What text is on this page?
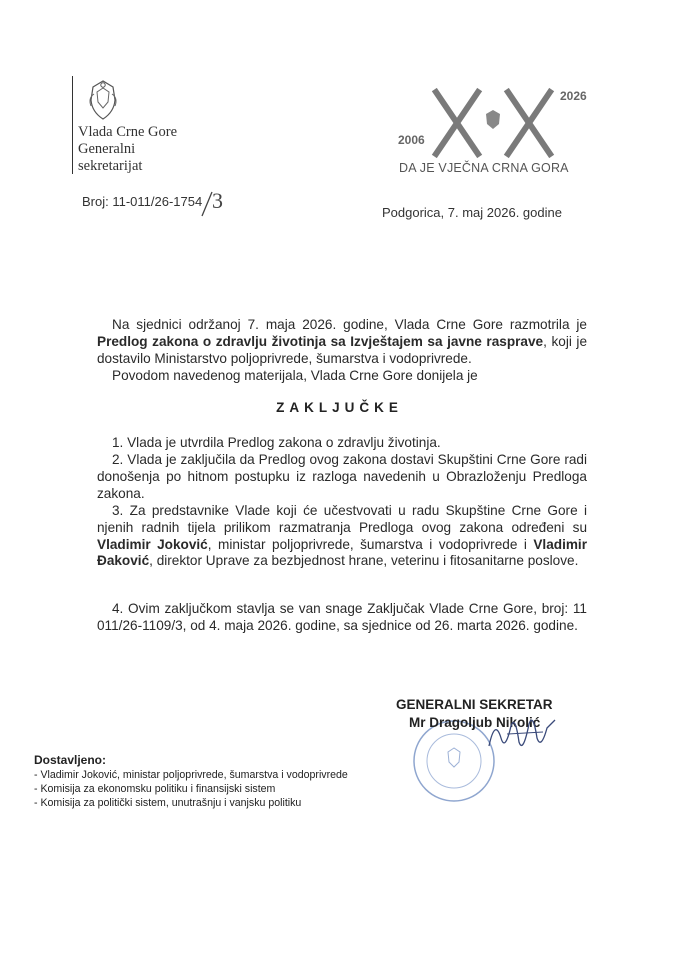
Vlada Crne Gore
Generalni
sekretarijat
2006
2026
DA JE VJEČNA CRNA GORA
Broj: 11-011/26-1754 3	Podgorica, 7. maj 2026. godine
Na sjednici održanoj 7. maja 2026. godine, Vlada Crne Gore razmotrila je Predlog zakona o zdravlju životinja sa Izvještajem sa javne rasprave, koji je dostavilo Ministarstvo poljoprivrede, šumarstva i vodoprivrede.
Povodom navedenog materijala, Vlada Crne Gore donijela je
ZAKLJUČKE
1. Vlada je utvrdila Predlog zakona o zdravlju životinja.
2. Vlada je zaključila da Predlog ovog zakona dostavi Skupštini Crne Gore radi donošenja po hitnom postupku iz razloga navedenih u Obrazloženju Predloga zakona.
3. Za predstavnike Vlade koji će učestvovati u radu Skupštine Crne Gore i njenih radnih tijela prilikom razmatranja Predloga ovog zakona određeni su Vladimir Joković, ministar poljoprivrede, šumarstva i vodoprivrede i Vladimir Đaković, direktor Uprave za bezbjednost hrane, veterinu i fitosanitarne poslove.
4. Ovim zaključkom stavlja se van snage Zaključak Vlade Crne Gore, broj: 11 011/26-1109/3, od 4. maja 2026. godine, sa sjednice od 26. marta 2026. godine.
GENERALNI SEKRETAR
Mr Dragoljub Nikolić
Dostavljeno:
- Vladimir Joković, ministar poljoprivrede, šumarstva i vodoprivrede
- Komisija za ekonomsku politiku i finansijski sistem
- Komisija za politički sistem, unutrašnju i vanjsku politiku
